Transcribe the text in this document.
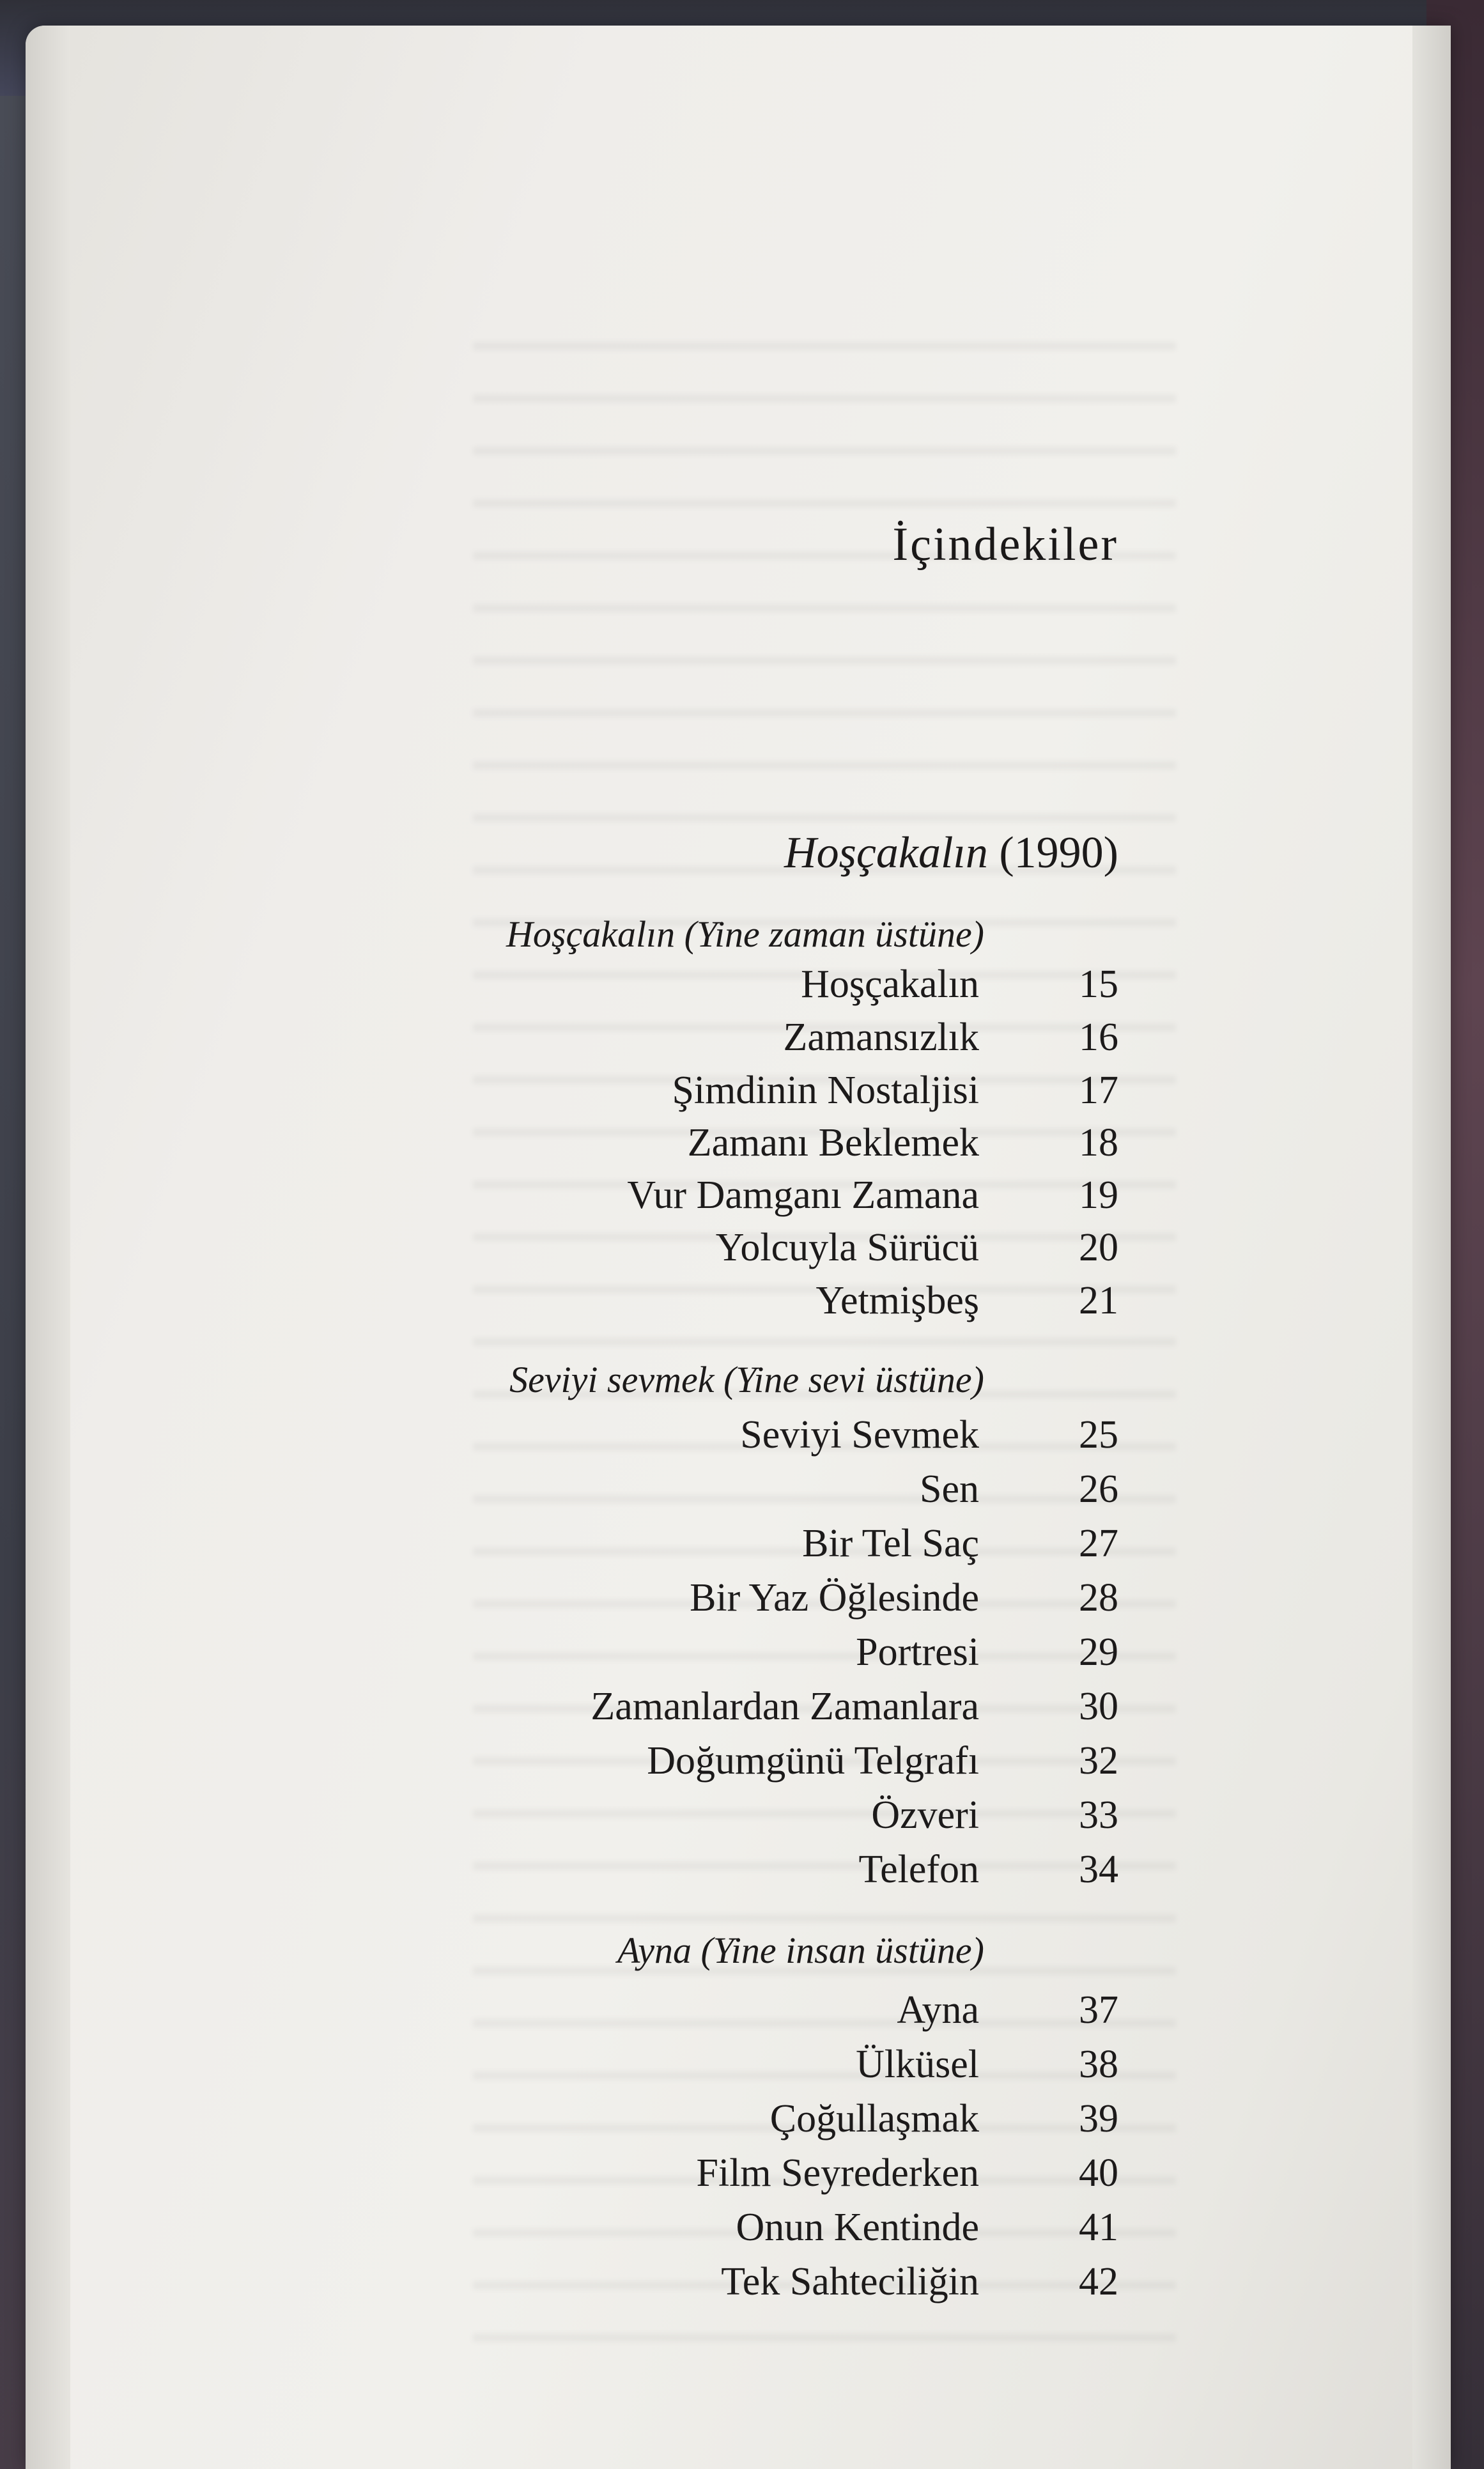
İçindekiler
Hoşçakalın (1990)
Hoşçakalın (Yine zaman üstüne)
Hoşçakalın	15
Zamansızlık	16
Şimdinin Nostaljisi	17
Zamanı Beklemek	18
Vur Damganı Zamana	19
Yolcuyla Sürücü	20
Yetmişbeş	21
Seviyi sevmek (Yine sevi üstüne)
Seviyi Sevmek	25
Sen	26
Bir Tel Saç	27
Bir Yaz Öğlesinde	28
Portresi	29
Zamanlardan Zamanlara	30
Doğumgünü Telgrafı	32
Özveri	33
Telefon	34
Ayna (Yine insan üstüne)
Ayna	37
Ülküsel	38
Çoğullaşmak	39
Film Seyrederken	40
Onun Kentinde	41
Tek Sahteciliğin	42
